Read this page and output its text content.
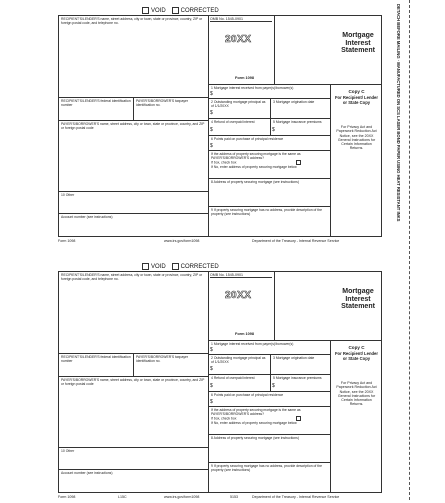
VOID	CORRECTED
RECIPIENT'S/LENDER'S name, street address, city or town, state or province, country, ZIP or foreign postal code, and telephone no.
RECIPIENT'S/LENDER'S federal identification number
PAYER'S/BORROWER'S taxpayer identification no.
PAYER'S/BORROWER'S name, street address, city or town, state or province, country, and ZIP or foreign postal code
10 Other
Account number (see instructions)
OMB No. 1545-0901
20XX
Form 1098
Mortgage Interest Statement
1 Mortgage interest received from payer(s)/borrower(s)
$
2 Outstanding mortgage principal as of 1/1/20XX
$
3 Mortgage origination date
4 Refund of overpaid interest
$
5 Mortgage insurance premiums
$
6 Points paid on purchase of principal residence
$
If the address of property securing mortgage is the same as PAYER'S/BORROWER'S address?
If box, check box
If No, enter address of property securing mortgage below
8 Address of property securing mortgage (see instructions)
9 If property securing mortgage has no address, provide description of the property (see instructions)
Copy C
For Recipient/ Lender or State Copy
For Privacy Act and Paperwork Reduction Act Notice, see the 20XX General Instructions for Certain Information Returns.
Form 1098	www.irs.gov/form1098	Department of the Treasury - Internal Revenue Service
VOID	CORRECTED
RECIPIENT'S/LENDER'S name, street address, city or town, state or province, country, ZIP or foreign postal code, and telephone no.
RECIPIENT'S/LENDER'S federal identification number
PAYER'S/BORROWER'S taxpayer identification no.
PAYER'S/BORROWER'S name, street address, city or town, state or province, country, and ZIP or foreign postal code
10 Other
Account number (see instructions)
OMB No. 1545-0901
20XX
Form 1098
Mortgage Interest Statement
1 Mortgage interest received from payer(s)/borrower(s)
$
2 Outstanding mortgage principal as of 1/1/20XX
$
3 Mortgage origination date
4 Refund of overpaid interest
$
5 Mortgage insurance premiums
$
6 Points paid on purchase of principal residence
$
If the address of property securing mortgage is the same as PAYER'S/BORROWER'S address?
If box, check box
If No, enter address of property securing mortgage below
8 Address of property securing mortgage (see instructions)
9 If property securing mortgage has no address, provide description of the property (see instructions)
Copy C
For Recipient/ Lender or State Copy
For Privacy Act and Paperwork Reduction Act Notice, see the 20XX General Instructions for Certain Information Returns.
Form 1098	L15C	www.irs.gov/form1098	5153	Department of the Treasury - Internal Revenue Service
DETACH BEFORE MAILING · MANUFACTURED ON SCS LASER BOND PAPER USING HEAT RESISTANT INKS
